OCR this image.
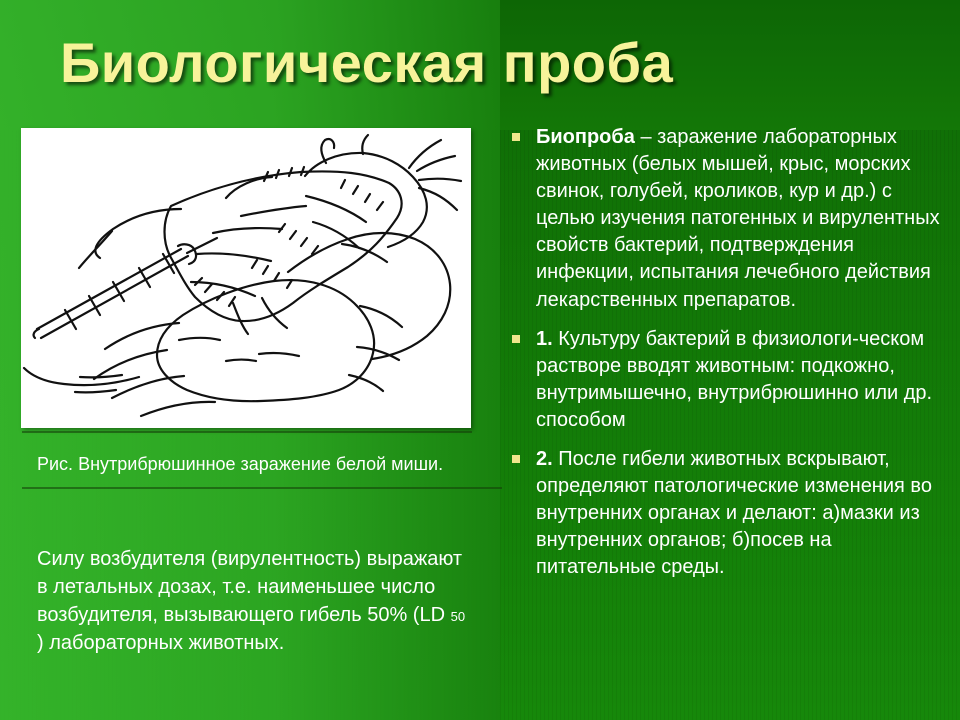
Биологическая проба
Рис. Внутрибрюшинное заражение белой миши.
Силу возбудителя (вирулентность) выражают в летальных дозах, т.е. наименьшее число возбудителя, вызывающего гибель 50% (LD 50 ) лабораторных животных.
Биопроба – заражение лабораторных животных (белых мышей, крыс, морских свинок, голубей, кроликов, кур и др.) с целью изучения патогенных и вирулентных свойств бактерий, подтверждения инфекции, испытания лечебного действия лекарственных препаратов.
1. Культуру бактерий в физиологи-ческом растворе вводят животным: подкожно, внутримышечно, внутрибрюшинно или др. способом
2. После гибели животных вскрывают, определяют патологические изменения во внутренних органах и делают: а)мазки из внутренних органов; б)посев на питательные среды.
